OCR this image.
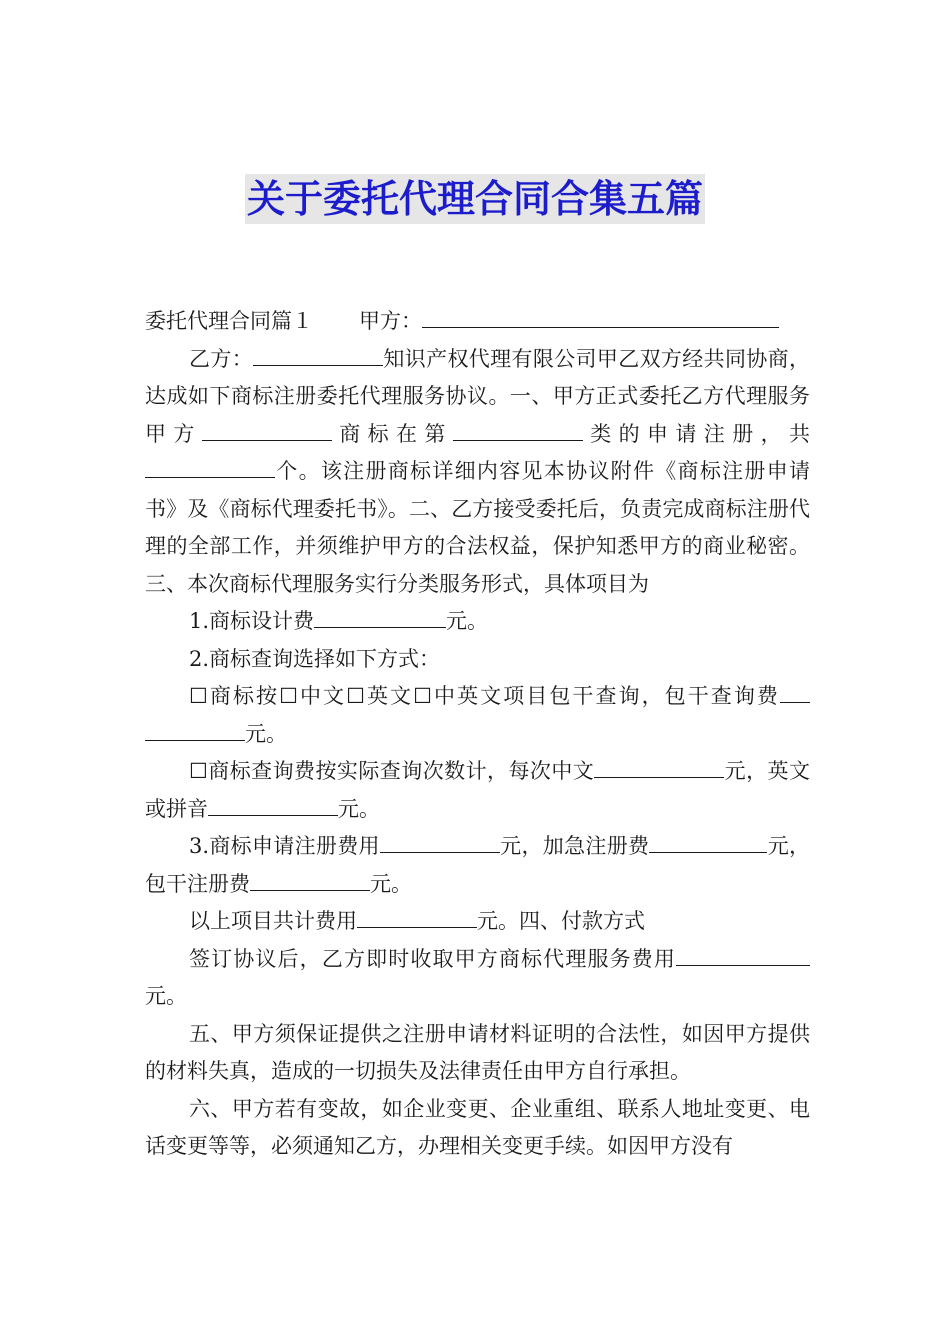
关于委托代理合同合集五篇

委托代理合同篇１ 甲方：

乙方：	知识产权代理有限公司甲乙双方经共同协商，达成如下商标注册委托代理服务协议。一、甲方正式委托乙方代理服务甲方	商标在第	类的申请注册，共个。该注册商标详细内容见本协议附件《商标注册申请书》及《商标代理委托书》。二、乙方接受委托后，负责完成商标注册代理的全部工作，并须维护甲方的合法权益，保护知悉甲方的商业秘密。三、本次商标代理服务实行分类服务形式，具体项目为

1.商标设计费	元。

2.商标查询选择如下方式：

☐商标按☐中文☐英文☐中英文项目包干查询，包干查询费元。

☐商标查询费按实际查询次数计，每次中文	元，英文或拼音	元。

3.商标申请注册费用	元，加急注册费	元，包干注册费	元。

以上项目共计费用	元。四、付款方式

签订协议后，乙方即时收取甲方商标代理服务费用元。

五、甲方须保证提供之注册申请材料证明的合法性，如因甲方提供的材料失真，造成的一切损失及法律责任由甲方自行承担。

六、甲方若有变故，如企业变更、企业重组、联系人地址变更、电话变更等等，必须通知乙方，办理相关变更手续。如因甲方没有
